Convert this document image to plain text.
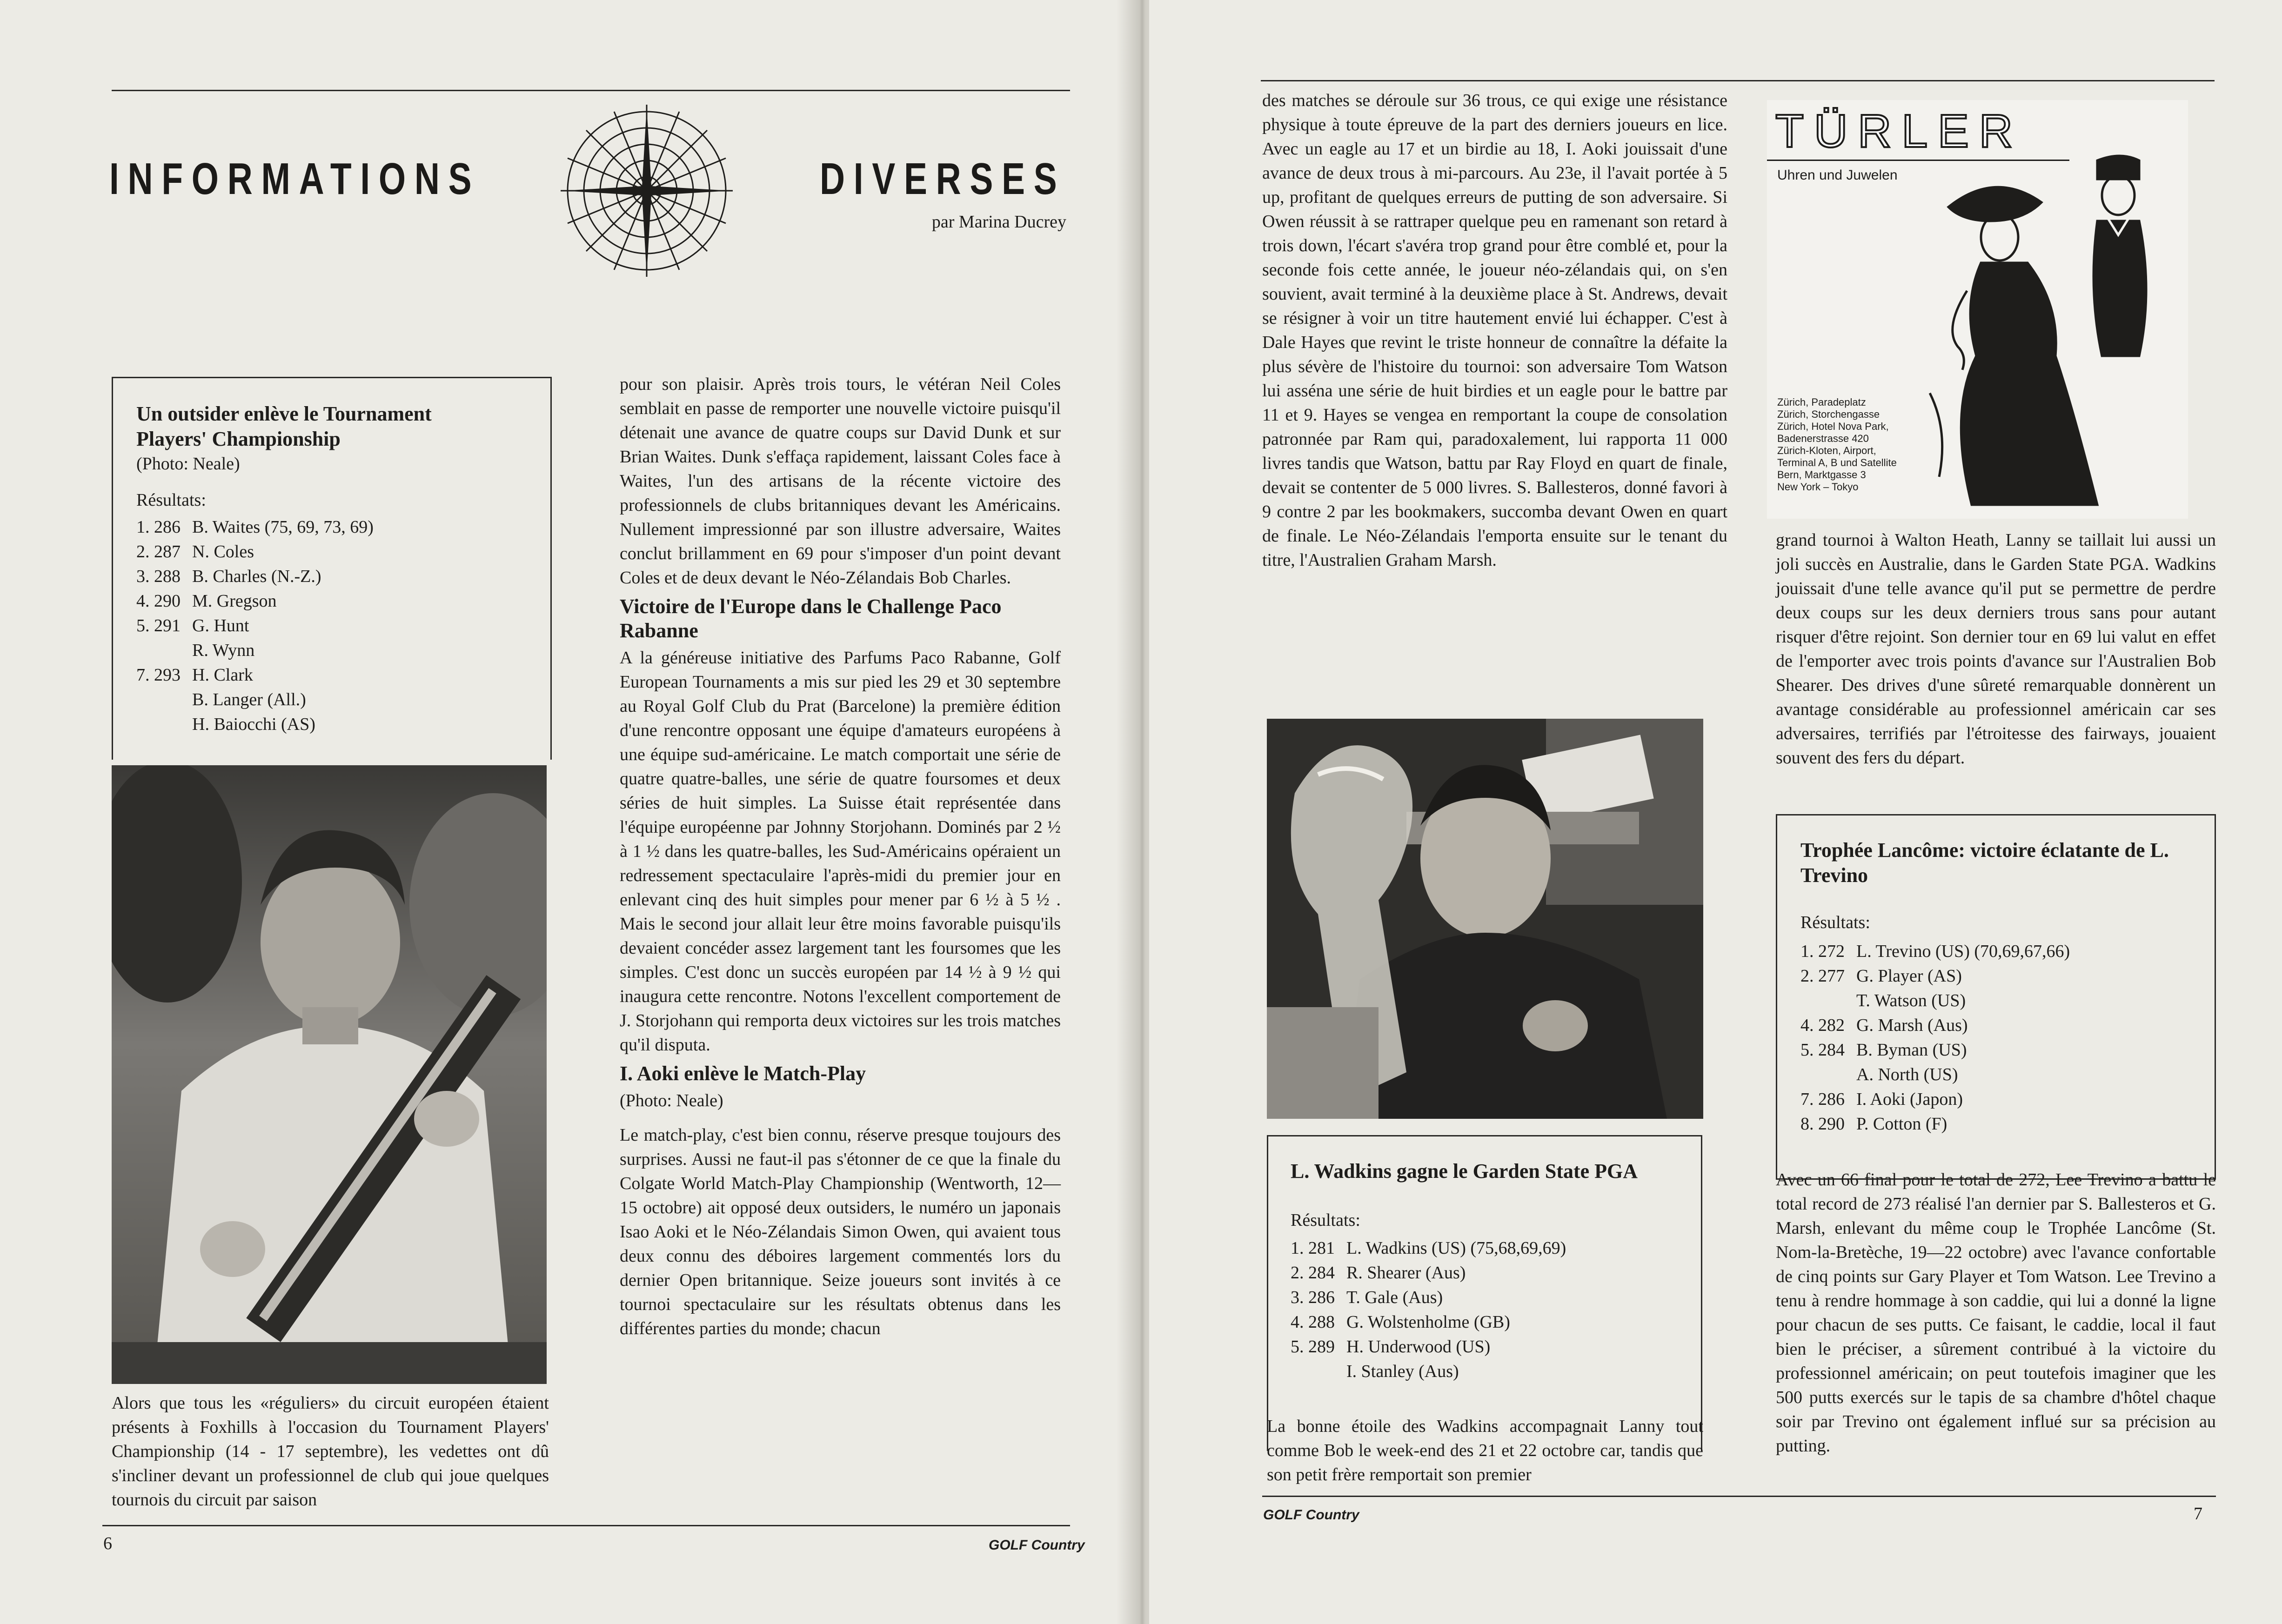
INFORMATIONS	DIVERSES
par Marina Ducrey
Un outsider enlève le Tournament Players' Championship
(Photo: Neale)
Résultats:
1. 286 B. Waites (75, 69, 73, 69)
2. 287 N. Coles
3. 288 B. Charles (N.-Z.)
4. 290 M. Gregson
5. 291 G. Hunt
R. Wynn
7. 293 H. Clark
B. Langer (All.)
H. Baiocchi (AS)
Alors que tous les «réguliers» du circuit européen étaient présents à Foxhills à l'occasion du Tournament Players' Championship (14 - 17 septembre), les vedettes ont dû s'incliner devant un professionnel de club qui joue quelques tournois du circuit par saison

pour son plaisir. Après trois tours, le vétéran Neil Coles semblait en passe de remporter une nouvelle victoire puisqu'il détenait une avance de quatre coups sur David Dunk et sur Brian Waites. Dunk s'effaça rapidement, laissant Coles face à Waites, l'un des artisans de la récente victoire des professionnels de clubs britanniques devant les Américains. Nullement impressionné par son illustre adversaire, Waites conclut brillamment en 69 pour s'imposer d'un point devant Coles et de deux devant le Néo-Zélandais Bob Charles.

Victoire de l'Europe dans le Challenge Paco Rabanne

A la généreuse initiative des Parfums Paco Rabanne, Golf European Tournaments a mis sur pied les 29 et 30 septembre au Royal Golf Club du Prat (Barcelone) la première édition d'une rencontre opposant une équipe d'amateurs européens à une équipe sud-américaine. Le match comportait une série de quatre quatre-balles, une série de quatre foursomes et deux séries de huit simples. La Suisse était représentée dans l'équipe européenne par Johnny Storjohann. Dominés par 2 ½ à 1 ½ dans les quatre-balles, les Sud-Américains opéraient un redressement spectaculaire l'après-midi du premier jour en enlevant cinq des huit simples pour mener par 6 ½ à 5 ½ . Mais le second jour allait leur être moins favorable puisqu'ils devaient concéder assez largement tant les foursomes que les simples. C'est donc un succès européen par 14 ½ à 9 ½ qui inaugura cette rencontre. Notons l'excellent comportement de J. Storjohann qui remporta deux victoires sur les trois matches qu'il disputa.

I. Aoki enlève le Match-Play

(Photo: Neale)

Le match-play, c'est bien connu, réserve presque toujours des surprises. Aussi ne faut-il pas s'étonner de ce que la finale du Colgate World Match-Play Championship (Wentworth, 12—15 octobre) ait opposé deux outsiders, le numéro un japonais Isao Aoki et le Néo-Zélandais Simon Owen, qui avaient tous deux connu des déboires largement commentés lors du dernier Open britannique. Seize joueurs sont invités à ce tournoi spectaculaire sur les résultats obtenus dans les différentes parties du monde; chacun

6	GOLF Country

des matches se déroule sur 36 trous, ce qui exige une résistance physique à toute épreuve de la part des derniers joueurs en lice. Avec un eagle au 17 et un birdie au 18, I. Aoki jouissait d'une avance de deux trous à mi-parcours. Au 23e, il l'avait portée à 5 up, profitant de quelques erreurs de putting de son adversaire. Si Owen réussit à se rattraper quelque peu en ramenant son retard à trois down, l'écart s'avéra trop grand pour être comblé et, pour la seconde fois cette année, le joueur néo-zélandais qui, on s'en souvient, avait terminé à la deuxième place à St. Andrews, devait se résigner à voir un titre hautement envié lui échapper. C'est à Dale Hayes que revint le triste honneur de connaître la défaite la plus sévère de l'histoire du tournoi: son adversaire Tom Watson lui asséna une série de huit birdies et un eagle pour le battre par 11 et 9. Hayes se vengea en remportant la coupe de consolation patronnée par Ram qui, paradoxalement, lui rapporta 11 000 livres tandis que Watson, battu par Ray Floyd en quart de finale, devait se contenter de 5 000 livres. S. Ballesteros, donné favori à 9 contre 2 par les bookmakers, succomba devant Owen en quart de finale. Le Néo-Zélandais l'emporta ensuite sur le tenant du titre, l'Australien Graham Marsh.

L. Wadkins gagne le Garden State PGA
Résultats:
1. 281 L. Wadkins (US) (75,68,69,69)
2. 284 R. Shearer (Aus)
3. 286 T. Gale (Aus)
4. 288 G. Wolstenholme (GB)
5. 289 H. Underwood (US)
I. Stanley (Aus)
La bonne étoile des Wadkins accompagnait Lanny tout comme Bob le week-end des 21 et 22 octobre car, tandis que son petit frère remportait son premier
TÜRLER
Uhren und Juwelen
Zürich, Paradeplatz
Zürich, Storchengasse
Zürich, Hotel Nova Park,
Badenerstrasse 420
Zürich-Kloten, Airport,
Terminal A, B und Satellite
Bern, Marktgasse 3
New York – Tokyo
grand tournoi à Walton Heath, Lanny se taillait lui aussi un joli succès en Australie, dans le Garden State PGA. Wadkins jouissait d'une telle avance qu'il put se permettre de perdre deux coups sur les deux derniers trous sans pour autant risquer d'être rejoint. Son dernier tour en 69 lui valut en effet de l'emporter avec trois points d'avance sur l'Australien Bob Shearer. Des drives d'une sûreté remarquable donnèrent un avantage considérable au professionnel américain car ses adversaires, terrifiés par l'étroitesse des fairways, jouaient souvent des fers du départ.
Trophée Lancôme: victoire éclatante de L. Trevino
Résultats:
1. 272 L. Trevino (US) (70,69,67,66)
2. 277 G. Player (AS)
T. Watson (US)
4. 282 G. Marsh (Aus)
5. 284 B. Byman (US)
A. North (US)
7. 286 I. Aoki (Japon)
8. 290 P. Cotton (F)
Avec un 66 final pour le total de 272, Lee Trevino a battu le total record de 273 réalisé l'an dernier par S. Ballesteros et G. Marsh, enlevant du même coup le Trophée Lancôme (St. Nom-la-Bretèche, 19—22 octobre) avec l'avance confortable de cinq points sur Gary Player et Tom Watson. Lee Trevino a tenu à rendre hommage à son caddie, qui lui a donné la ligne pour chacun de ses putts. Ce faisant, le caddie, local il faut bien le préciser, a sûrement contribué à la victoire du professionnel américain; on peut toutefois imaginer que les 500 putts exercés sur le tapis de sa chambre d'hôtel chaque soir par Trevino ont également influé sur sa précision au putting.
GOLF Country	7
